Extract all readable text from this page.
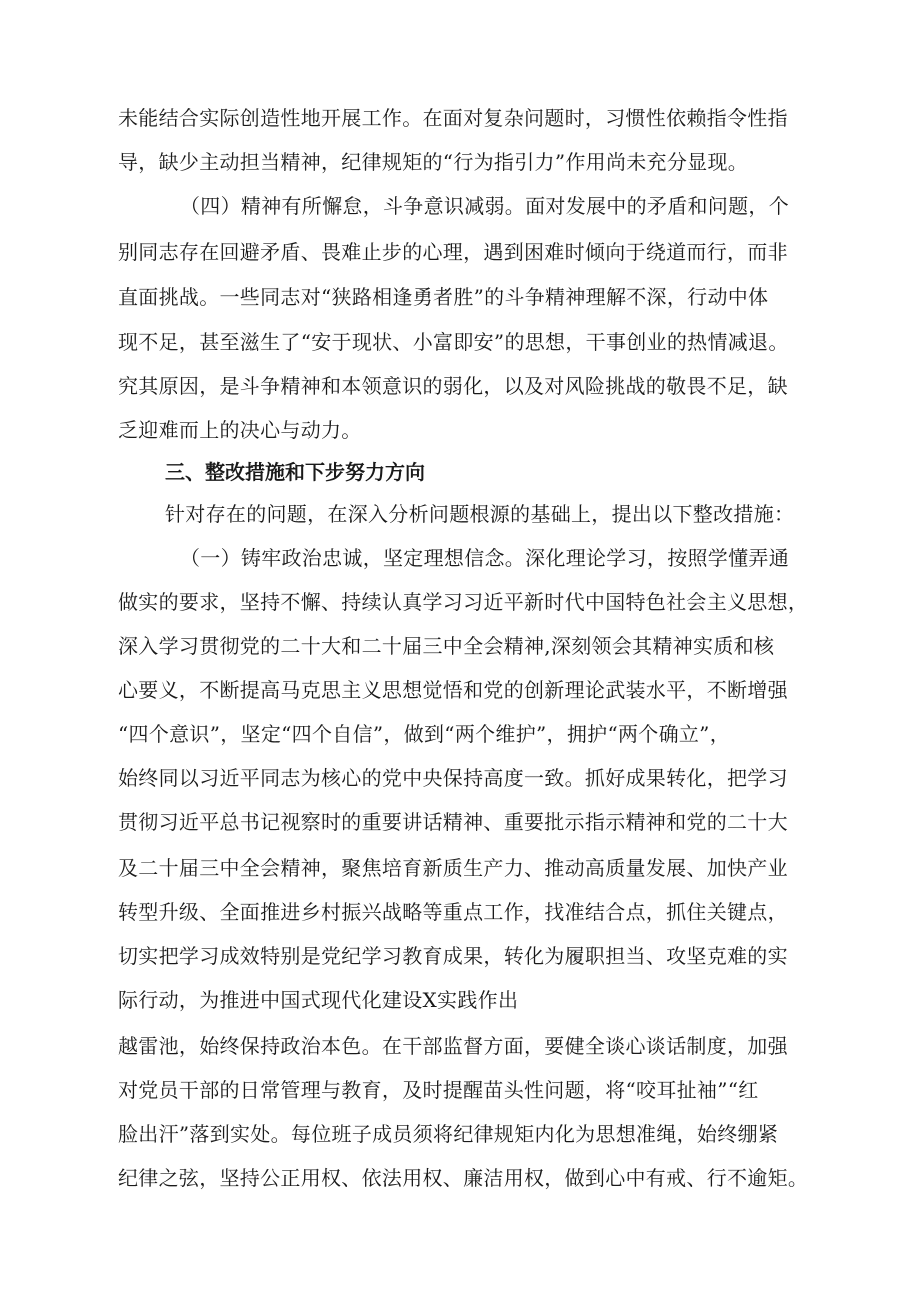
未能结合实际创造性地开展工作。在面对复杂问题时，习惯性依赖指令性指
导，缺少主动担当精神，纪律规矩的“行为指引力”作用尚未充分显现。
（四）精神有所懈怠，斗争意识减弱。面对发展中的矛盾和问题，个
别同志存在回避矛盾、畏难止步的心理，遇到困难时倾向于绕道而行，而非
直面挑战。一些同志对“狭路相逢勇者胜”的斗争精神理解不深，行动中体
现不足，甚至滋生了“安于现状、小富即安”的思想，干事创业的热情减退。
究其原因，是斗争精神和本领意识的弱化，以及对风险挑战的敬畏不足，缺
乏迎难而上的决心与动力。
三、整改措施和下步努力方向
针对存在的问题，在深入分析问题根源的基础上，提出以下整改措施：
（一）铸牢政治忠诚，坚定理想信念。深化理论学习，按照学懂弄通
做实的要求，坚持不懈、持续认真学习习近平新时代中国特色社会主义思想，
深入学习贯彻党的二十大和二十届三中全会精神,深刻领会其精神实质和核
心要义，不断提高马克思主义思想觉悟和党的创新理论武装水平，不断增强
“四个意识”，坚定“四个自信”，做到“两个维护”，拥护“两个确立”，
始终同以习近平同志为核心的党中央保持高度一致。抓好成果转化，把学习
贯彻习近平总书记视察时的重要讲话精神、重要批示指示精神和党的二十大
及二十届三中全会精神，聚焦培育新质生产力、推动高质量发展、加快产业
转型升级、全面推进乡村振兴战略等重点工作，找准结合点，抓住关键点，
切实把学习成效特别是党纪学习教育成果，转化为履职担当、攻坚克难的实
际行动，为推进中国式现代化建设X实践作出
越雷池，始终保持政治本色。在干部监督方面，要健全谈心谈话制度，加强
对党员干部的日常管理与教育，及时提醒苗头性问题，将“咬耳扯袖”“红
脸出汗”落到实处。每位班子成员须将纪律规矩内化为思想准绳，始终绷紧
纪律之弦，坚持公正用权、依法用权、廉洁用权，做到心中有戒、行不逾矩。
